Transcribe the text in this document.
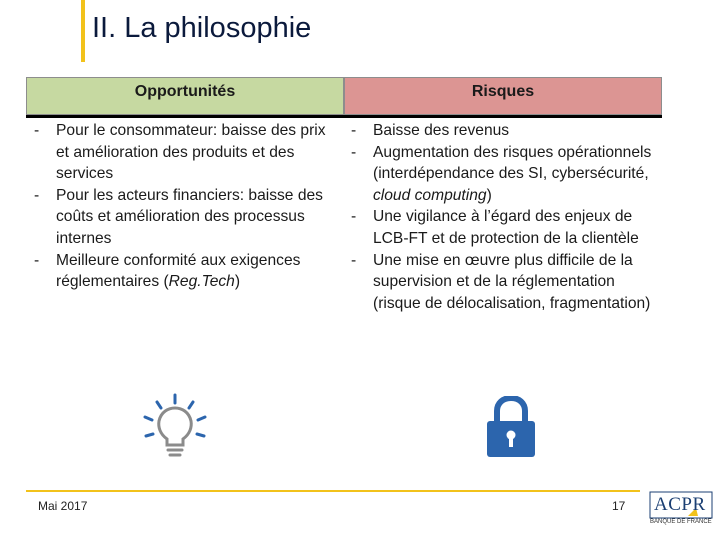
II. La philosophie
Opportunités	Risques
- Pour le consommateur: baisse des prix et amélioration des produits et des services
- Pour les acteurs financiers: baisse des coûts et amélioration des processus internes
- Meilleure conformité aux exigences réglementaires (Reg.Tech)
- Baisse des revenus
- Augmentation des risques opérationnels (interdépendance des SI, cybersécurité, cloud computing)
- Une vigilance à l’égard des enjeux de LCB-FT et de protection de la clientèle
- Une mise en œuvre plus difficile de la supervision et de la réglementation (risque de délocalisation, fragmentation)
Mai 2017	17 ACPR
BANQUE DE FRANCE
